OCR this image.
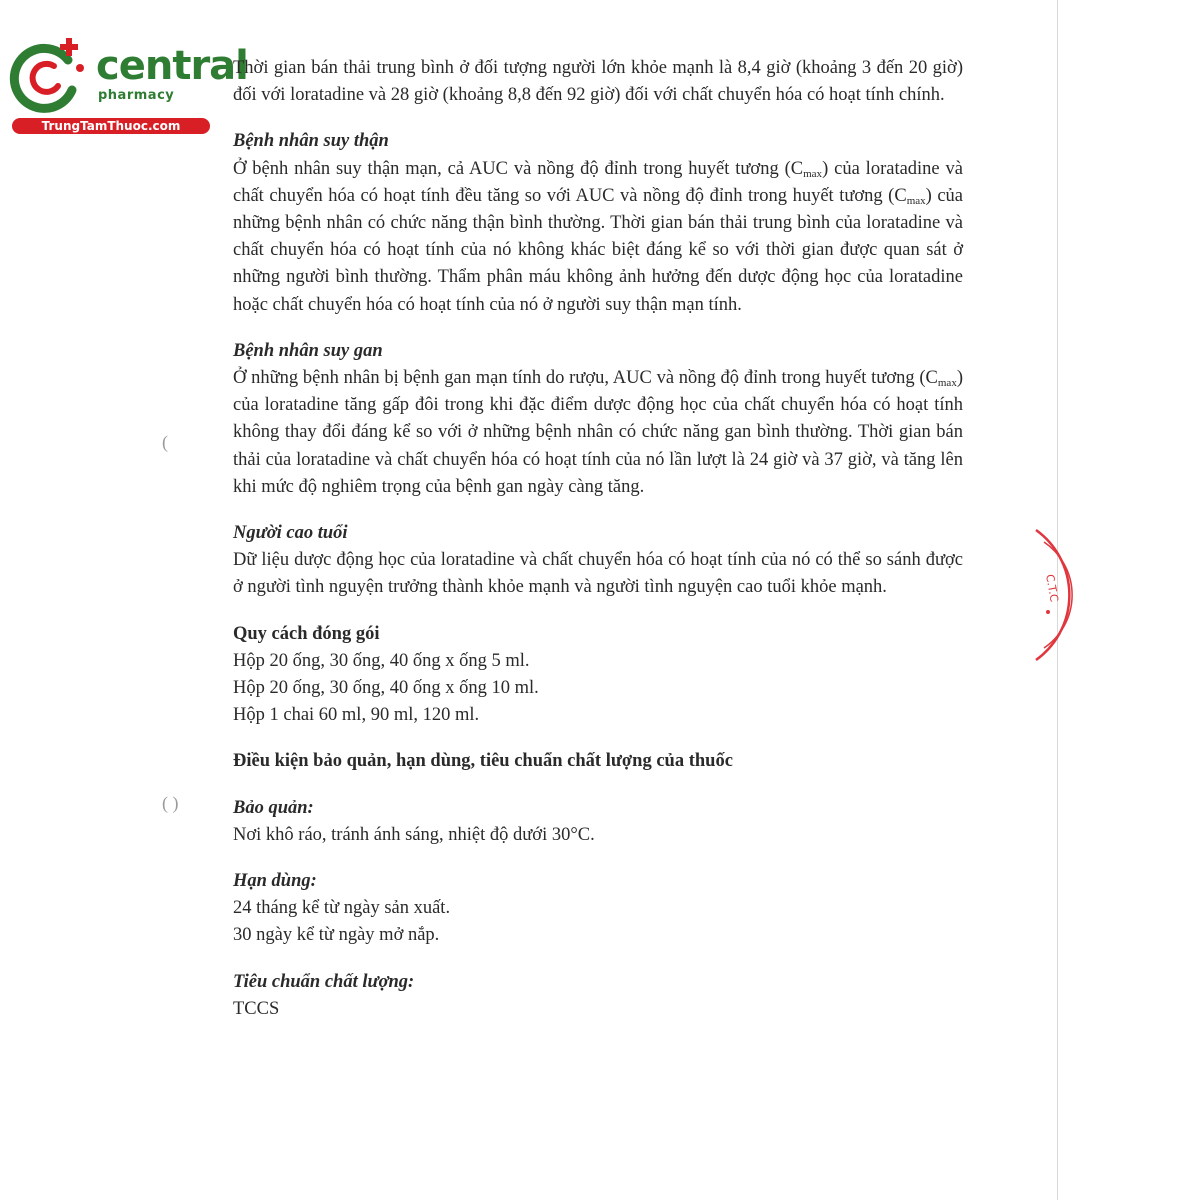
central
pharmacy
TrungTamThuoc.com

Thời gian bán thải trung bình ở đối tượng người lớn khỏe mạnh là 8,4 giờ (khoảng 3 đến 20 giờ) đối với loratadine và 28 giờ (khoảng 8,8 đến 92 giờ) đối với chất chuyển hóa có hoạt tính chính.

Bệnh nhân suy thận

Ở bệnh nhân suy thận mạn, cả AUC và nồng độ đỉnh trong huyết tương $(C_{max})$ của loratadine và chất chuyển hóa có hoạt tính đều tăng so với AUC và nồng độ đỉnh trong huyết tương $(C_{max})$ của những bệnh nhân có chức năng thận bình thường. Thời gian bán thải trung bình của loratadine và chất chuyển hóa có hoạt tính của nó không khác biệt đáng kể so với thời gian được quan sát ở những người bình thường. Thẩm phân máu không ảnh hưởng đến dược động học của loratadine hoặc chất chuyển hóa có hoạt tính của nó ở người suy thận mạn tính.

Bệnh nhân suy gan

Ở những bệnh nhân bị bệnh gan mạn tính do rượu, AUC và nồng độ đỉnh trong huyết tương $(C_{max})$ của loratadine tăng gấp đôi trong khi đặc điểm dược động học của chất chuyển hóa có hoạt tính không thay đổi đáng kể so với ở những bệnh nhân có chức năng gan bình thường. Thời gian bán thải của loratadine và chất chuyển hóa có hoạt tính của nó lần lượt là 24 giờ và 37 giờ, và tăng lên khi mức độ nghiêm trọng của bệnh gan ngày càng tăng.

Người cao tuổi

Dữ liệu dược động học của loratadine và chất chuyển hóa có hoạt tính của nó có thể so sánh được ở người tình nguyện trưởng thành khỏe mạnh và người tình nguyện cao tuổi khỏe mạnh.

Quy cách đóng gói

Hộp 20 ống, 30 ống, 40 ống x ống 5 ml.
Hộp 20 ống, 30 ống, 40 ống x ống 10 ml.
Hộp 1 chai 60 ml, 90 ml, 120 ml.

Điều kiện bảo quản, hạn dùng, tiêu chuẩn chất lượng của thuốc

Bảo quản:

Nơi khô ráo, tránh ánh sáng, nhiệt độ dưới 30°C.

Hạn dùng:

24 tháng kể từ ngày sản xuất.
30 ngày kể từ ngày mở nắp.

Tiêu chuẩn chất lượng:

TCCS
(
( )
C.T.C
